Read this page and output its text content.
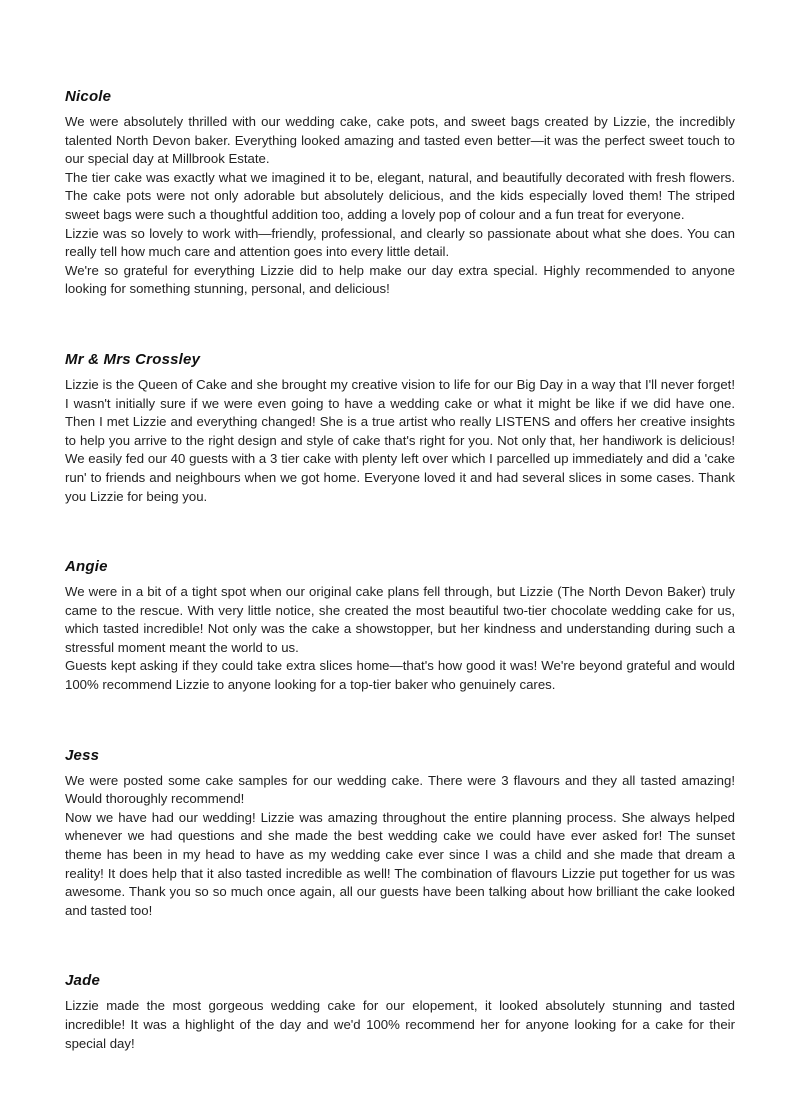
Nicole

We were absolutely thrilled with our wedding cake, cake pots, and sweet bags created by Lizzie, the incredibly talented North Devon baker. Everything looked amazing and tasted even better—it was the perfect sweet touch to our special day at Millbrook Estate.

The tier cake was exactly what we imagined it to be, elegant, natural, and beautifully decorated with fresh flowers. The cake pots were not only adorable but absolutely delicious, and the kids especially loved them! The striped sweet bags were such a thoughtful addition too, adding a lovely pop of colour and a fun treat for everyone.

Lizzie was so lovely to work with—friendly, professional, and clearly so passionate about what she does. You can really tell how much care and attention goes into every little detail.

We're so grateful for everything Lizzie did to help make our day extra special. Highly recommended to anyone looking for something stunning, personal, and delicious!

Mr & Mrs Crossley

Lizzie is the Queen of Cake and she brought my creative vision to life for our Big Day in a way that I'll never forget! I wasn't initially sure if we were even going to have a wedding cake or what it might be like if we did have one. Then I met Lizzie and everything changed! She is a true artist who really LISTENS and offers her creative insights to help you arrive to the right design and style of cake that's right for you. Not only that, her handiwork is delicious! We easily fed our 40 guests with a 3 tier cake with plenty left over which I parcelled up immediately and did a 'cake run' to friends and neighbours when we got home. Everyone loved it and had several slices in some cases. Thank you Lizzie for being you.

Angie

We were in a bit of a tight spot when our original cake plans fell through, but Lizzie (The North Devon Baker) truly came to the rescue. With very little notice, she created the most beautiful two-tier chocolate wedding cake for us, which tasted incredible! Not only was the cake a showstopper, but her kindness and understanding during such a stressful moment meant the world to us.

Guests kept asking if they could take extra slices home—that's how good it was! We're beyond grateful and would 100% recommend Lizzie to anyone looking for a top-tier baker who genuinely cares.

Jess

We were posted some cake samples for our wedding cake. There were 3 flavours and they all tasted amazing! Would thoroughly recommend!

Now we have had our wedding! Lizzie was amazing throughout the entire planning process. She always helped whenever we had questions and she made the best wedding cake we could have ever asked for! The sunset theme has been in my head to have as my wedding cake ever since I was a child and she made that dream a reality! It does help that it also tasted incredible as well! The combination of flavours Lizzie put together for us was awesome. Thank you so so much once again, all our guests have been talking about how brilliant the cake looked and tasted too!

Jade

Lizzie made the most gorgeous wedding cake for our elopement, it looked absolutely stunning and tasted incredible! It was a highlight of the day and we'd 100% recommend her for anyone looking for a cake for their special day!
